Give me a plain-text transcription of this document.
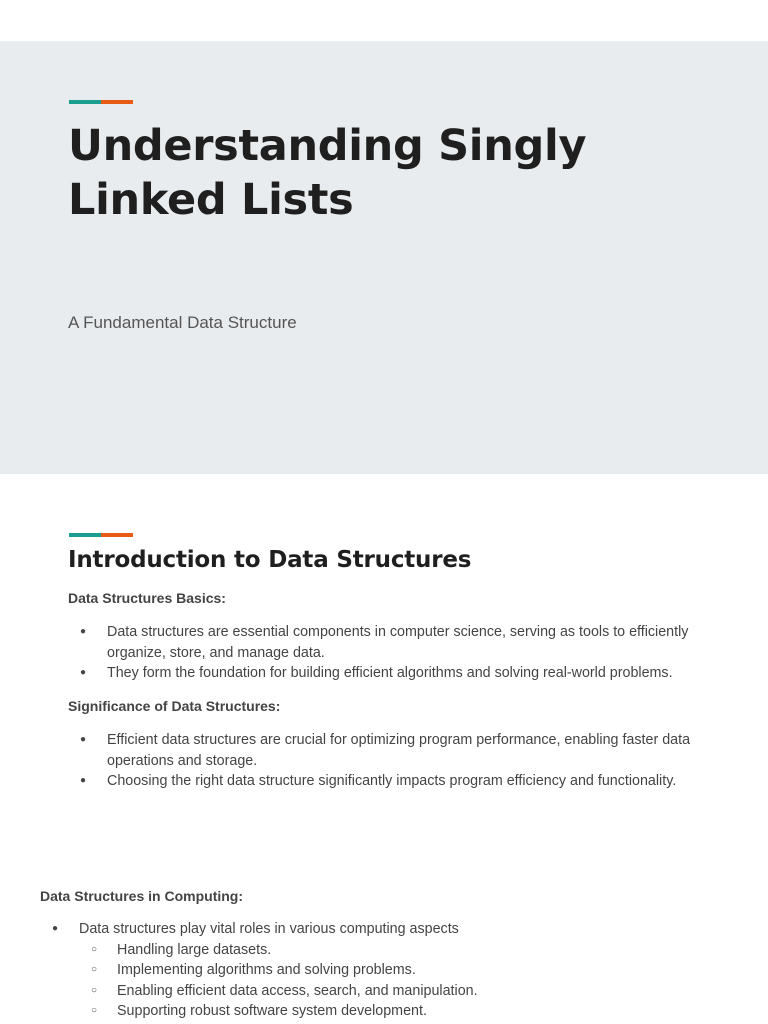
Understanding Singly Linked Lists

A Fundamental Data Structure

Introduction to Data Structures

Data Structures Basics:

● Data structures are essential components in computer science, serving as tools to efficiently organize, store, and manage data.
● They form the foundation for building efficient algorithms and solving real-world problems.

Significance of Data Structures:

● Efficient data structures are crucial for optimizing program performance, enabling faster data operations and storage.
● Choosing the right data structure significantly impacts program efficiency and functionality.

Data Structures in Computing:

● Data structures play vital roles in various computing aspects
○ Handling large datasets.
○ Implementing algorithms and solving problems.
○ Enabling efficient data access, search, and manipulation.
○ Supporting robust software system development.
